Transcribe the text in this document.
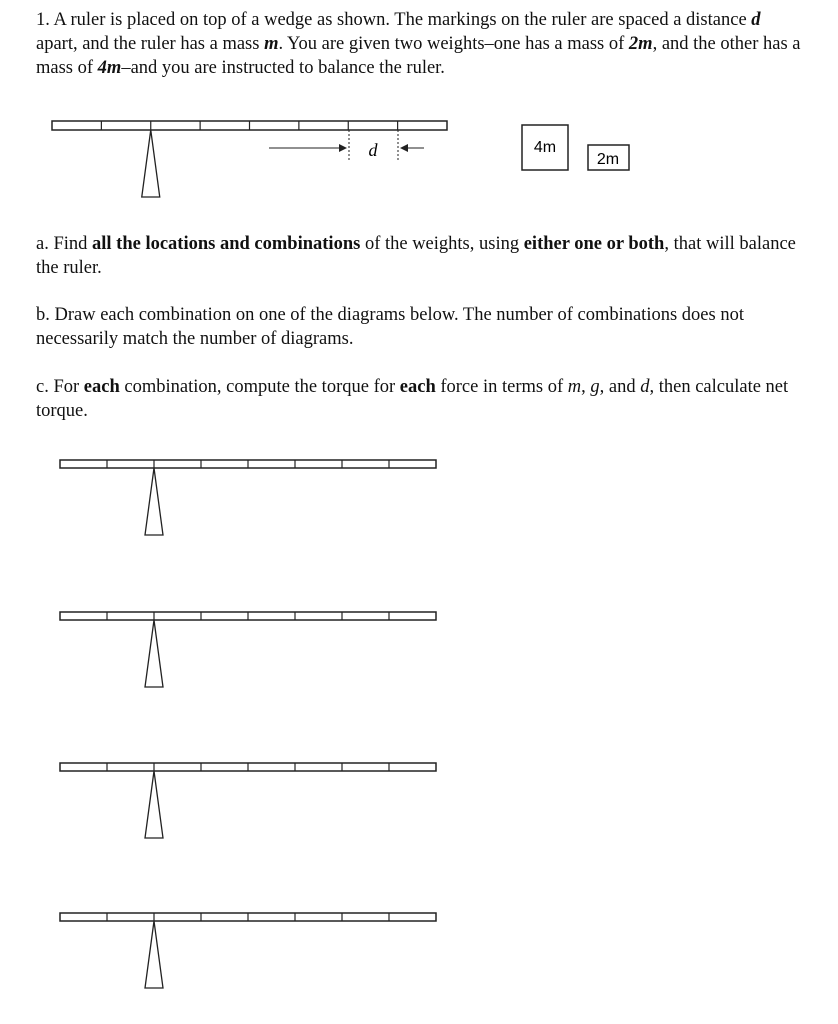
1. A ruler is placed on top of a wedge as shown. The markings on the ruler are spaced a distance d apart, and the ruler has a mass m. You are given two weights–one has a mass of 2m, and the other has a mass of 4m–and you are instructed to balance the ruler.

d	4m
2m

a. Find all the locations and combinations of the weights, using either one or both, that will balance the ruler.

b. Draw each combination on one of the diagrams below. The number of combinations does not necessarily match the number of diagrams.

c. For each combination, compute the torque for each force in terms of m, g, and d, then calculate net torque.
